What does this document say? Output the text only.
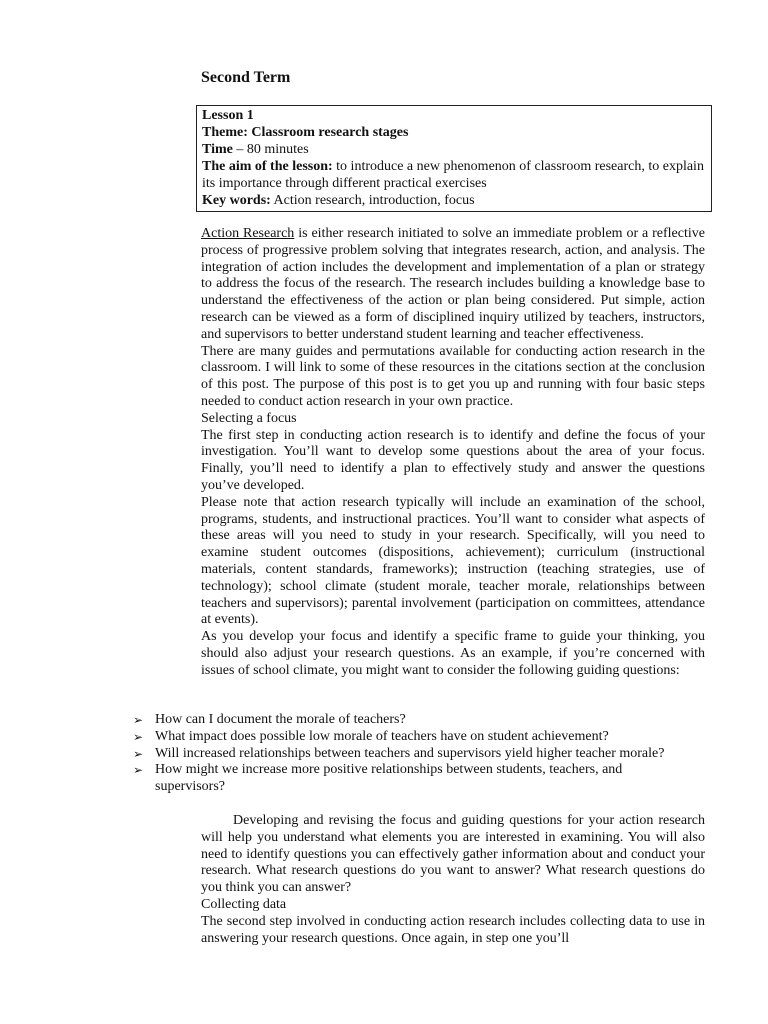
Second Term
Lesson 1
Theme: Classroom research stages
Time – 80 minutes
The aim of the lesson: to introduce a new phenomenon of classroom research, to explain its importance through different practical exercises
Key words: Action research, introduction, focus

Action Research is either research initiated to solve an immediate problem or a reflective process of progressive problem solving that integrates research, action, and analysis. The integration of action includes the development and implementation of a plan or strategy to address the focus of the research. The research includes building a knowledge base to understand the effectiveness of the action or plan being considered. Put simple, action research can be viewed as a form of disciplined inquiry utilized by teachers, instructors, and supervisors to better understand student learning and teacher effectiveness.

There are many guides and permutations available for conducting action research in the classroom. I will link to some of these resources in the citations section at the conclusion of this post. The purpose of this post is to get you up and running with four basic steps needed to conduct action research in your own practice.

Selecting a focus

The first step in conducting action research is to identify and define the focus of your investigation. You’ll want to develop some questions about the area of your focus. Finally, you’ll need to identify a plan to effectively study and answer the questions you’ve developed.

Please note that action research typically will include an examination of the school, programs, students, and instructional practices. You’ll want to consider what aspects of these areas will you need to study in your research. Specifically, will you need to examine student outcomes (dispositions, achievement); curriculum (instructional materials, content standards, frameworks); instruction (teaching strategies, use of technology); school climate (student morale, teacher morale, relationships between teachers and supervisors); parental involvement (participation on committees, attendance at events).

As you develop your focus and identify a specific frame to guide your thinking, you should also adjust your research questions. As an example, if you’re concerned with issues of school climate, you might want to consider the following guiding questions:

➢ How can I document the morale of teachers?
➢ What impact does possible low morale of teachers have on student achievement?
➢ Will increased relationships between teachers and supervisors yield higher teacher morale?
➢ How might we increase more positive relationships between students, teachers, and supervisors?

Developing and revising the focus and guiding questions for your action research will help you understand what elements you are interested in examining. You will also need to identify questions you can effectively gather information about and conduct your research. What research questions do you want to answer? What research questions do you think you can answer?

Collecting data

The second step involved in conducting action research includes collecting data to use in answering your research questions. Once again, in step one you’ll
